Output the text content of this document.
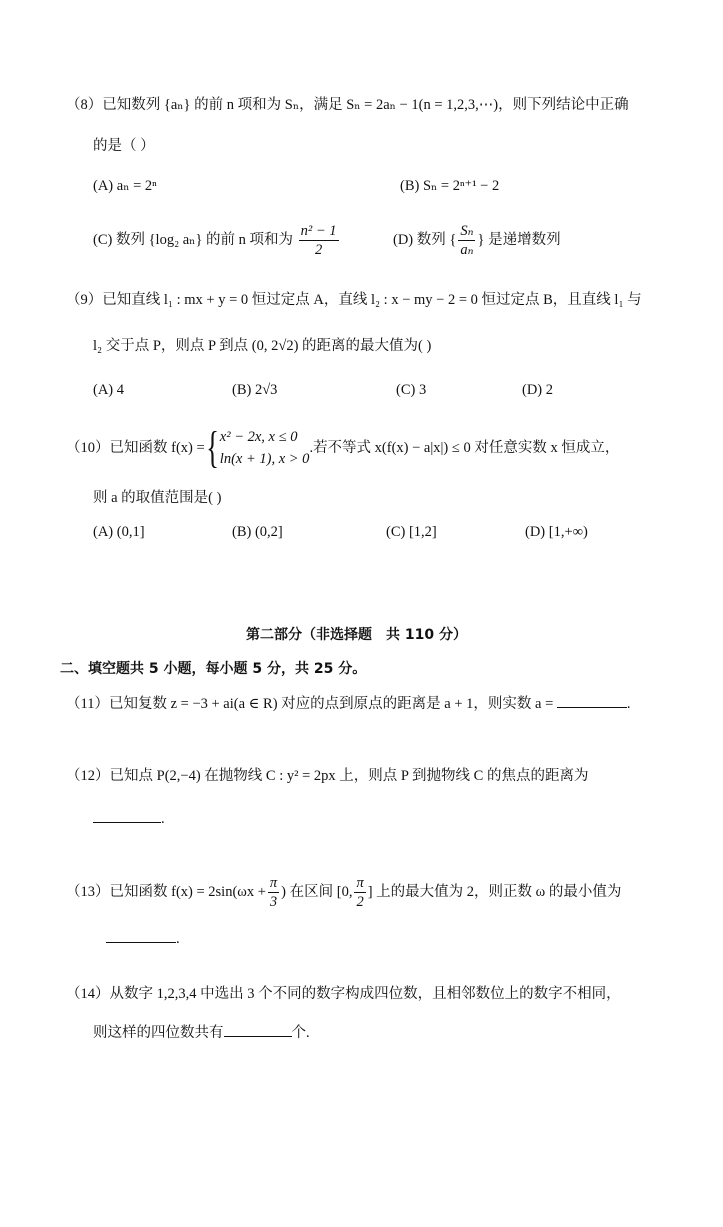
（8）已知数列 {aₙ} 的前 n 项和为 Sₙ，满足 Sₙ = 2aₙ − 1(n = 1,2,3,⋯)，则下列结论中正确
的是（ ）
(A) aₙ = 2ⁿ	(B) Sₙ = 2ⁿ⁺¹ − 2
(C) 数列 {log₂ aₙ} 的前 n 项和为 $\frac{\text{n² − 1}}{2}$	(D) 数列 { $\frac{\text{Sₙ}}{\text{aₙ}}$ } 是递增数列
（9）已知直线 l₁ : mx + y = 0 恒过定点 A，直线 l₂ : x − my − 2 = 0 恒过定点 B，且直线 l₁ 与
l₂ 交于点 P，则点 P 到点 (0, 2√2) 的距离的最大值为( )
(A) 4	(B) 2√3	(C) 3	(D) 2
（10）已知函数 f(x) = { x² − 2x, x ≤ 0
ln(x + 1), x > 0
.若不等式 x(f(x) − a|x|) ≤ 0 对任意实数 x 恒成立，
则 a 的取值范围是( )
(A) (0,1]	(B) (0,2]	(C) [1,2]	(D) [1,+∞)
第二部分（非选择题　共 110 分）
二、填空题共 5 小题，每小题 5 分，共 25 分。
（11）已知复数 z = −3 + ai(a ∈ R) 对应的点到原点的距离是 a + 1，则实数 a =	.
（12）已知点 P(2,−4) 在抛物线 C : y² = 2px 上，则点 P 到抛物线 C 的焦点的距离为
.
（13）已知函数 $f(x) = 2\sin(\omega x + \frac{\pi}{3}$ ) 在区间 [0, $\frac{\pi}{2}$ ] 上的最大值为 2，则正数 ω 的最小值为
.
（14）从数字 1,2,3,4 中选出 3 个不同的数字构成四位数，且相邻数位上的数字不相同，
则这样的四位数共有	个.
